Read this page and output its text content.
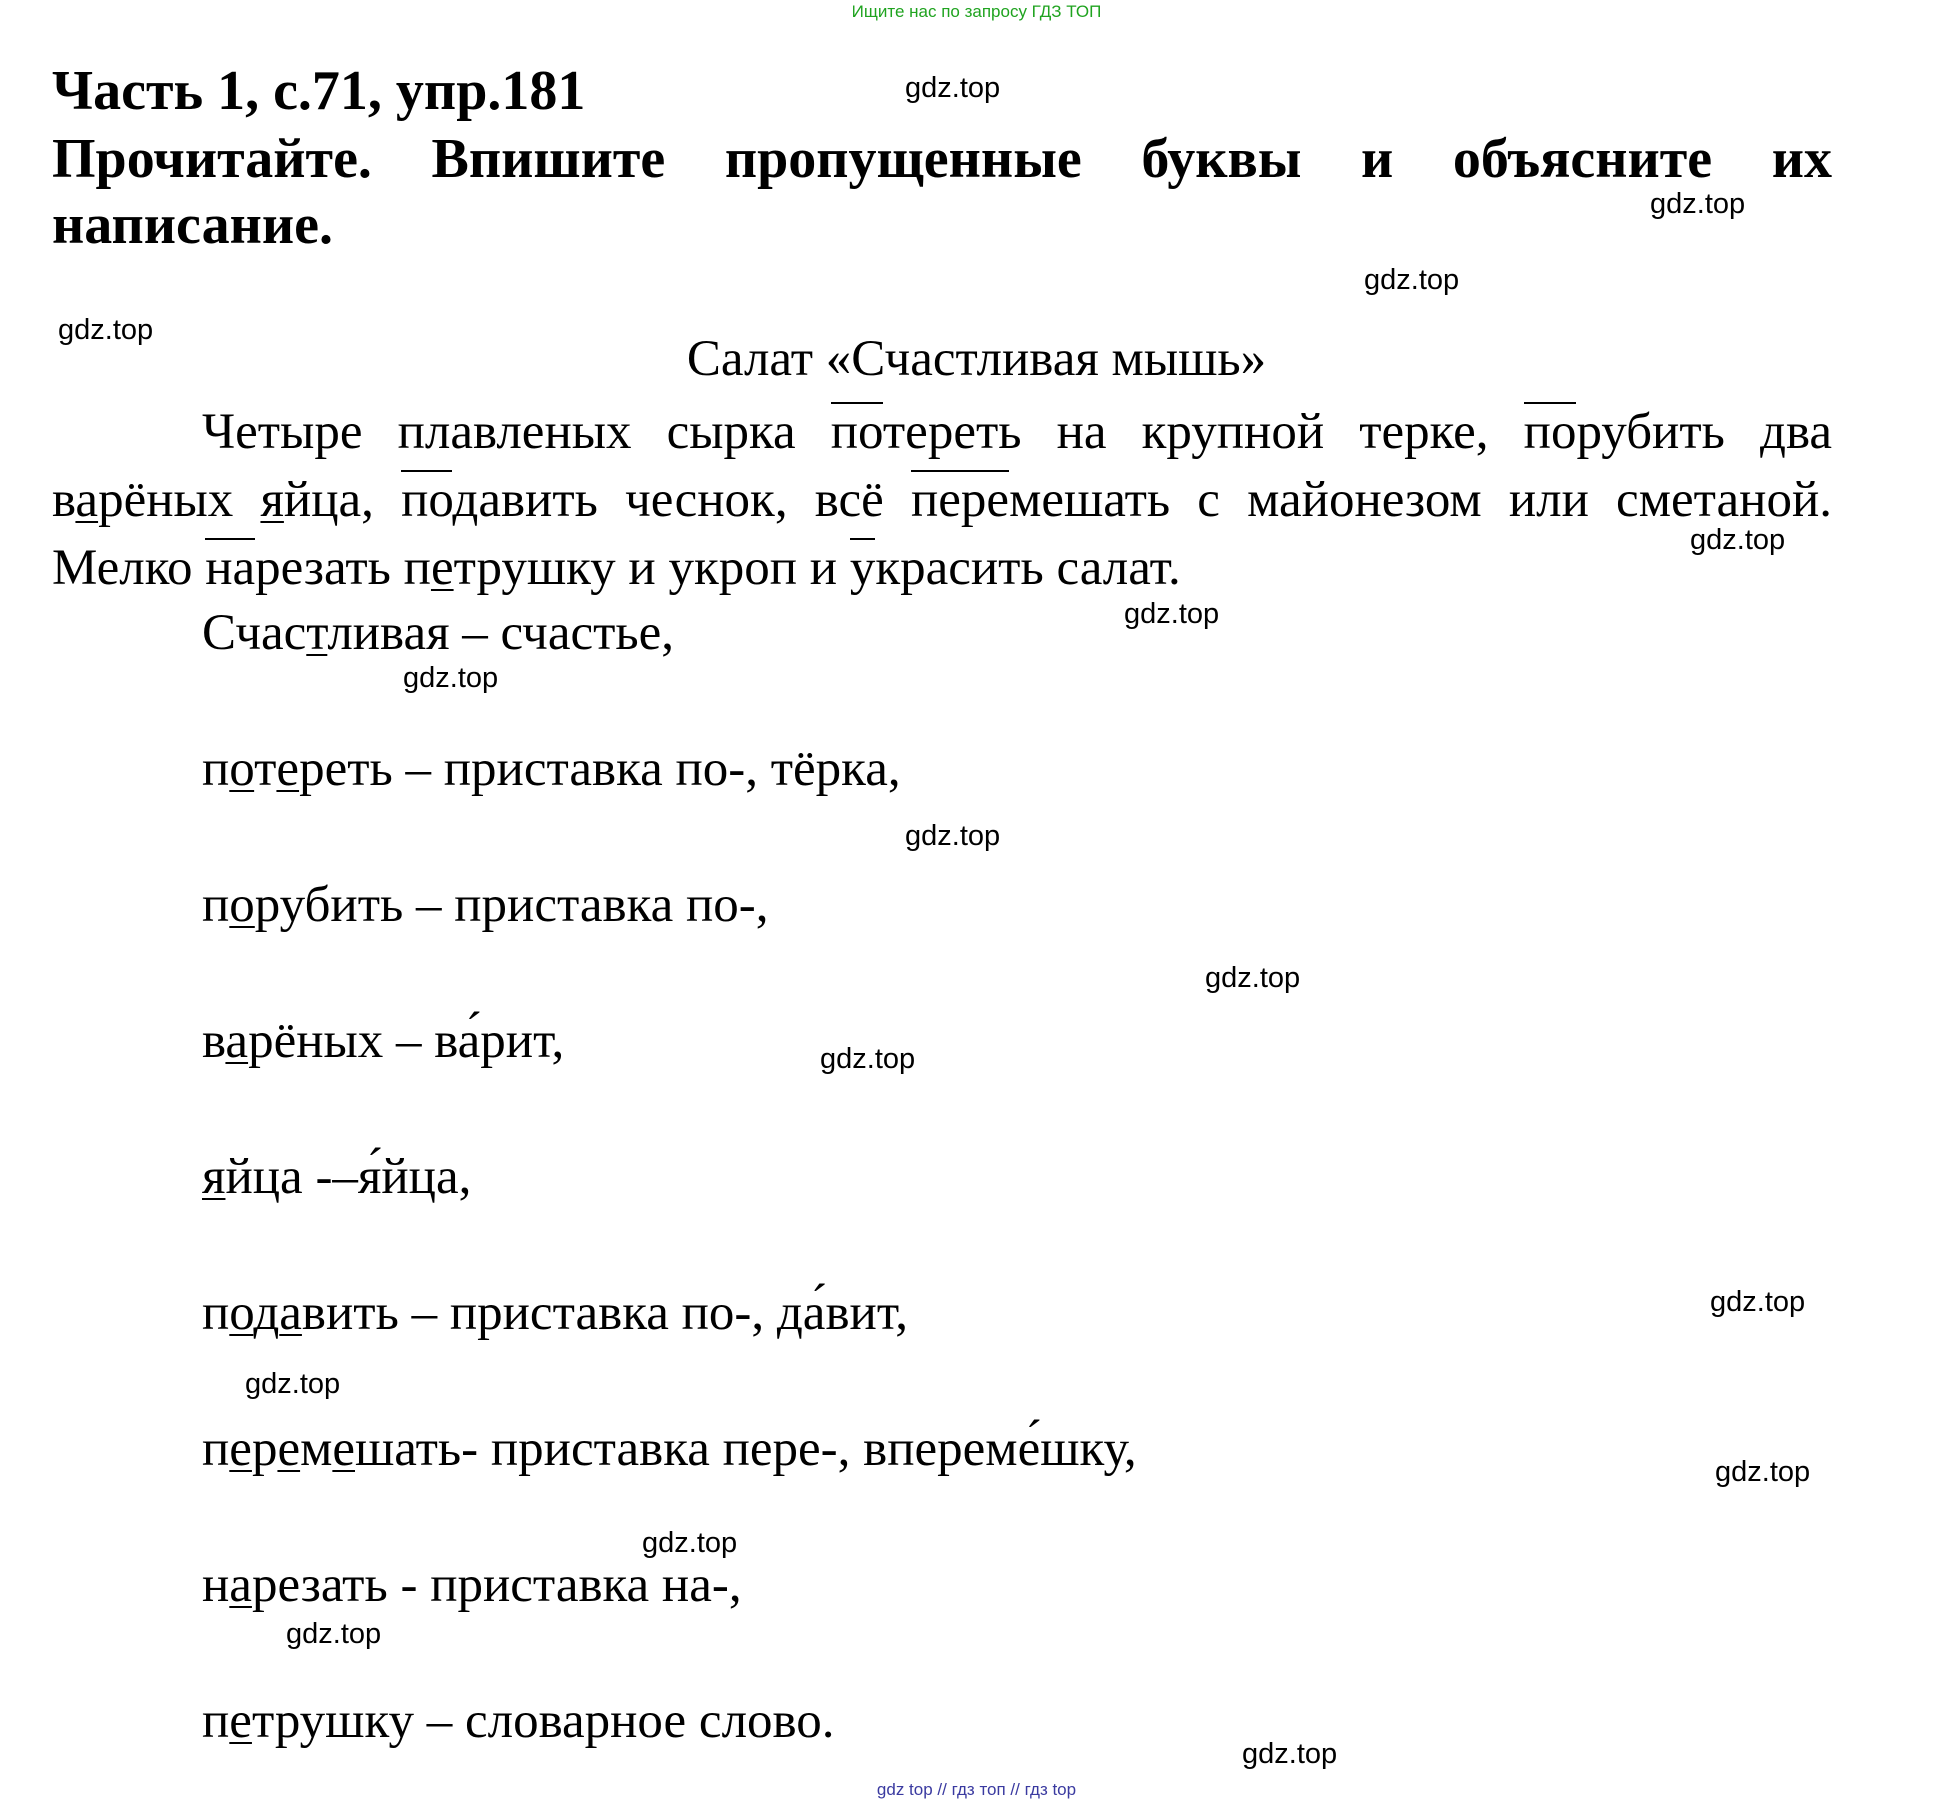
Ищите нас по запросу ГДЗ ТОП
Часть 1, с.71, упр.181
Прочитайте. Впишите пропущенные буквы и объясните их написание.
gdz.top
gdz.top
gdz.top
gdz.top
gdz.top
gdz.top
gdz.top
gdz.top
gdz.top
gdz.top
gdz.top
gdz.top
gdz.top
gdz.top
gdz.top
gdz.top
Салат «Счастливая мышь»
Четыре плавленых сырка потереть на крупной терке, порубить два варёных яйца, подавить чеснок, всё перемешать с майонезом или сметаной. Мелко нарезать петрушку и укроп и украсить салат.
Счастливая – счастье,
потереть – приставка по-, тёрка,
порубить – приставка по-,
варёных – ва́рит,
яйца -–я́йца,
подавить – приставка по-, да́вит,
перемешать- приставка пере-, впереме́шку,
нарезать - приставка на-,
петрушку – словарное слово.
gdz top // гдз топ // гдз top
